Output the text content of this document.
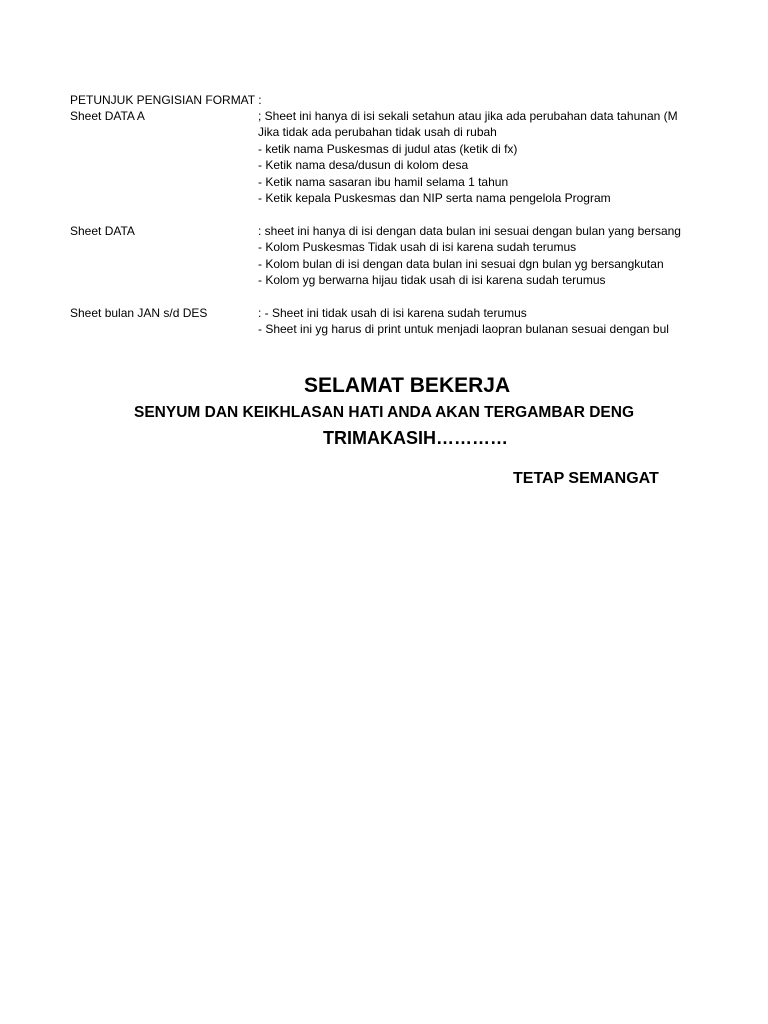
PETUNJUK PENGISIAN FORMAT :
Sheet DATA A	; Sheet ini hanya di isi sekali setahun atau jika ada perubahan data tahunan (M
Jika tidak ada perubahan tidak usah di rubah
- ketik nama Puskesmas di judul atas (ketik di fx)
- Ketik nama desa/dusun di kolom desa
- Ketik nama sasaran ibu hamil selama 1 tahun
- Ketik kepala Puskesmas dan NIP serta nama pengelola Program
Sheet DATA	: sheet ini hanya di isi dengan data bulan ini sesuai dengan bulan yang bersang
- Kolom Puskesmas Tidak usah di isi karena sudah terumus
- Kolom bulan di isi dengan data bulan ini sesuai dgn bulan yg bersangkutan
- Kolom yg berwarna hijau tidak usah di isi karena sudah terumus
Sheet bulan JAN s/d DES	: - Sheet ini tidak usah di isi karena sudah terumus
- Sheet ini yg harus di print untuk menjadi laopran bulanan sesuai dengan bul
SELAMAT BEKERJA
SENYUM DAN KEIKHLASAN HATI ANDA AKAN TERGAMBAR DENG
TRIMAKASIH…………
TETAP SEMANGAT
